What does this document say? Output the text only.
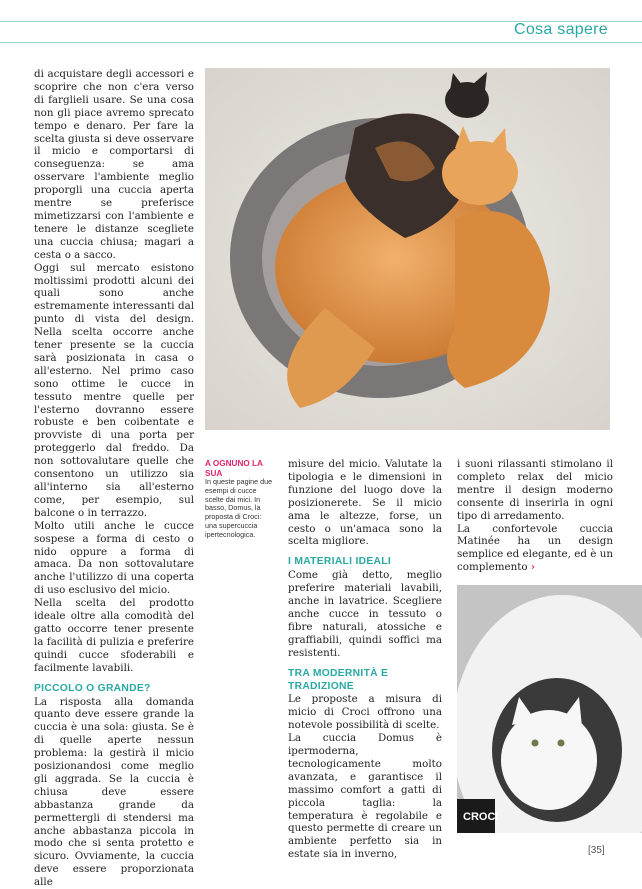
Cosa sapere

di acquistare degli accessori e scoprire che non c'era verso di farglieli usare. Se una cosa non gli piace avremo sprecato tempo e denaro. Per fare la scelta giusta si deve osservare il micio e comportarsi di conseguenza: se ama osservare l'ambiente meglio proporgli una cuccia aperta mentre se preferisce mimetizzarsi con l'ambiente e tenere le distanze scegliete una cuccia chiusa; magari a cesta o a sacco.

Oggi sul mercato esistono moltissimi prodotti alcuni dei quali sono anche estremamente interessanti dal punto di vista del design. Nella scelta occorre anche tener presente se la cuccia sarà posizionata in casa o all'esterno. Nel primo caso sono ottime le cucce in tessuto mentre quelle per l'esterno dovranno essere robuste e ben coibentate e provviste di una porta per proteggerlo dal freddo. Da non sottovalutare quelle che consentono un utilizzo sia all'interno sia all'esterno come, per esempio, sul balcone o in terrazzo.

Molto utili anche le cucce sospese a forma di cesto o nido oppure a forma di amaca. Da non sottovalutare anche l'utilizzo di una coperta di uso esclusivo del micio.

Nella scelta del prodotto ideale oltre alla comodità del gatto occorre tener presente la facilità di pulizia e preferire quindi cucce sfoderabili e facilmente lavabili.

PICCOLO O GRANDE?

La risposta alla domanda quanto deve essere grande la cuccia è una sola: giusta. Se è di quelle aperte nessun problema: la gestirà il micio posizionandosi come meglio gli aggrada. Se la cuccia è chiusa deve essere abbastanza grande da permettergli di stendersi ma anche abbastanza piccola in modo che si senta protetto e sicuro. Ovviamente, la cuccia deve essere proporzionata alle

A OGNUNO LA SUA
In queste pagine due esempi di cucce scelte dai mici. In basso, Domus, la proposta di Croci: una supercuccia ipertecnologica.

misure del micio. Valutate la tipologia e le dimensioni in funzione del luogo dove la posizionerete. Se il micio ama le altezze, forse, un cesto o un'amaca sono la scelta migliore.

I MATERIALI IDEALI

Come già detto, meglio preferire materiali lavabili, anche in lavatrice. Scegliere anche cucce in tessuto o fibre naturali, atossiche e graffiabili, quindi soffici ma resistenti.

TRA MODERNITÀ E TRADIZIONE

Le proposte a misura di micio di Croci offrono una notevole possibilità di scelte.

La cuccia Domus è ipermoderna, tecnologicamente molto avanzata, e garantisce il massimo comfort a gatti di piccola taglia: la temperatura è regolabile e questo permette di creare un ambiente perfetto sia in estate sia in inverno,

i suoni rilassanti stimolano il completo relax del micio mentre il design moderno consente di inserirla in ogni tipo di arredamento.

La confortevole cuccia Matinée ha un design semplice ed elegante, ed è un complemento ›

CROCI
[35]
